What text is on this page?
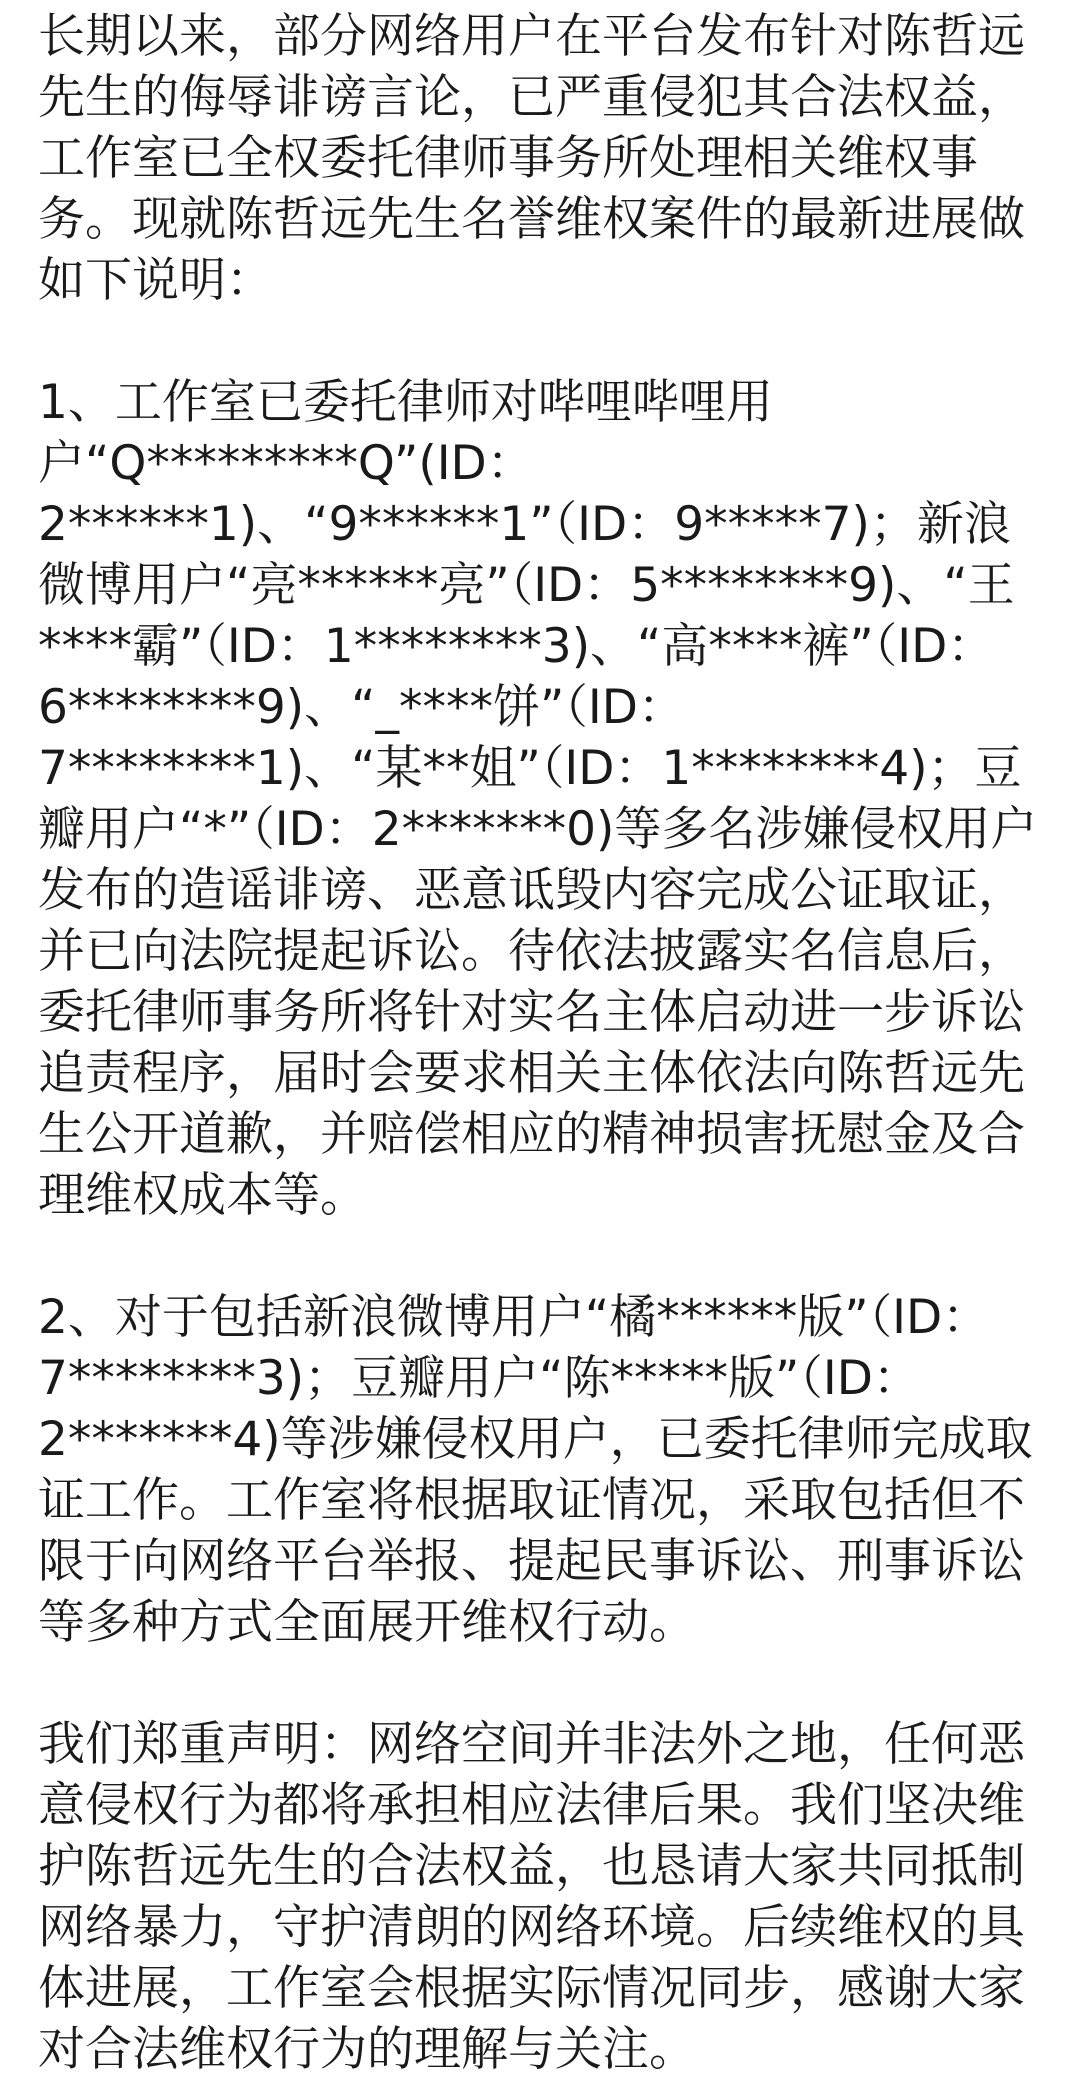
长期以来，部分网络用户在平台发布针对陈哲远先生的侮辱诽谤言论，已严重侵犯其合法权益，工作室已全权委托律师事务所处理相关维权事务。现就陈哲远先生名誉维权案件的最新进展做如下说明：

1、工作室已委托律师对哔哩哔哩用户“Q*********Q”(ID：2******1)、“9******1”（ID：9*****7)；新浪微博用户“亮******亮”（ID：5********9)、“王****霸”（ID：1********3)、“高****裤”（ID：6********9)、“_****饼”（ID：7********1)、“某**姐”（ID：1********4)；豆瓣用户“*”（ID：2*******0)等多名涉嫌侵权用户发布的造谣诽谤、恶意诋毁内容完成公证取证，并已向法院提起诉讼。待依法披露实名信息后，委托律师事务所将针对实名主体启动进一步诉讼追责程序，届时会要求相关主体依法向陈哲远先生公开道歉，并赔偿相应的精神损害抚慰金及合理维权成本等。

2、对于包括新浪微博用户“橘******版”（ID：7********3)；豆瓣用户“陈*****版”（ID：2*******4)等涉嫌侵权用户，已委托律师完成取证工作。工作室将根据取证情况，采取包括但不限于向网络平台举报、提起民事诉讼、刑事诉讼等多种方式全面展开维权行动。

我们郑重声明：网络空间并非法外之地，任何恶意侵权行为都将承担相应法律后果。我们坚决维护陈哲远先生的合法权益，也恳请大家共同抵制网络暴力，守护清朗的网络环境。后续维权的具体进展，工作室会根据实际情况同步，感谢大家对合法维权行为的理解与关注。
